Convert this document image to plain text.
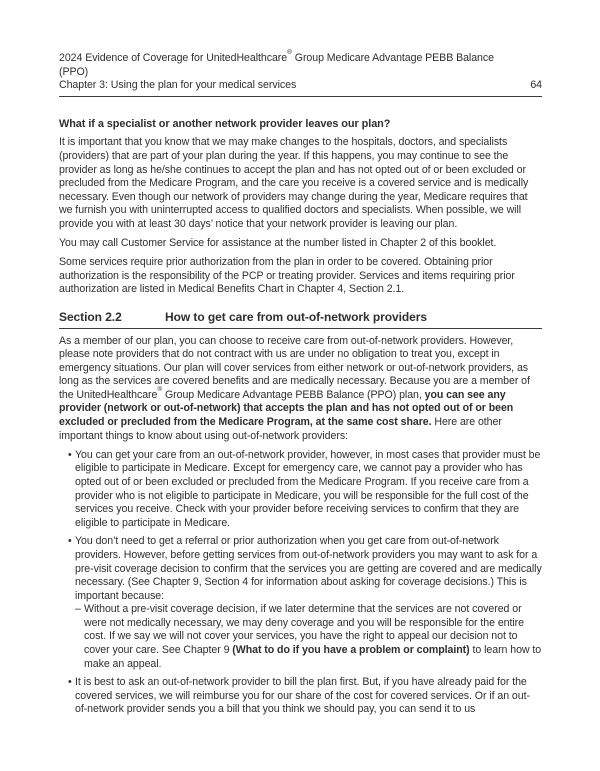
2024 Evidence of Coverage for UnitedHealthcare® Group Medicare Advantage PEBB Balance
(PPO)
Chapter 3: Using the plan for your medical services	64
What if a specialist or another network provider leaves our plan?

It is important that you know that we may make changes to the hospitals, doctors, and specialists (providers) that are part of your plan during the year. If this happens, you may continue to see the provider as long as he/she continues to accept the plan and has not opted out of or been excluded or precluded from the Medicare Program, and the care you receive is a covered service and is medically necessary. Even though our network of providers may change during the year, Medicare requires that we furnish you with uninterrupted access to qualified doctors and specialists. When possible, we will provide you with at least 30 days’ notice that your network provider is leaving our plan.

You may call Customer Service for assistance at the number listed in Chapter 2 of this booklet.

Some services require prior authorization from the plan in order to be covered. Obtaining prior authorization is the responsibility of the PCP or treating provider. Services and items requiring prior authorization are listed in Medical Benefits Chart in Chapter 4, Section 2.1.

Section 2.2	How to get care from out-of-network providers

As a member of our plan, you can choose to receive care from out-of-network providers. However, please note providers that do not contract with us are under no obligation to treat you, except in emergency situations. Our plan will cover services from either network or out-of-network providers, as long as the services are covered benefits and are medically necessary. Because you are a member of the UnitedHealthcare® Group Medicare Advantage PEBB Balance (PPO) plan, you can see any provider (network or out-of-network) that accepts the plan and has not opted out of or been excluded or precluded from the Medicare Program, at the same cost share. Here are other important things to know about using out-of-network providers:

• You can get your care from an out-of-network provider, however, in most cases that provider must be eligible to participate in Medicare. Except for emergency care, we cannot pay a provider who has opted out of or been excluded or precluded from the Medicare Program. If you receive care from a provider who is not eligible to participate in Medicare, you will be responsible for the full cost of the services you receive. Check with your provider before receiving services to confirm that they are eligible to participate in Medicare.
• You don’t need to get a referral or prior authorization when you get care from out-of-network providers. However, before getting services from out-of-network providers you may want to ask for a pre-visit coverage decision to confirm that the services you are getting are covered and are medically necessary. (See Chapter 9, Section 4 for information about asking for coverage decisions.) This is important because:
– Without a pre-visit coverage decision, if we later determine that the services are not covered or were not medically necessary, we may deny coverage and you will be responsible for the entire cost. If we say we will not cover your services, you have the right to appeal our decision not to cover your care. See Chapter 9 (What to do if you have a problem or complaint) to learn how to make an appeal.
• It is best to ask an out-of-network provider to bill the plan first. But, if you have already paid for the covered services, we will reimburse you for our share of the cost for covered services. Or if an out-of-network provider sends you a bill that you think we should pay, you can send it to us
